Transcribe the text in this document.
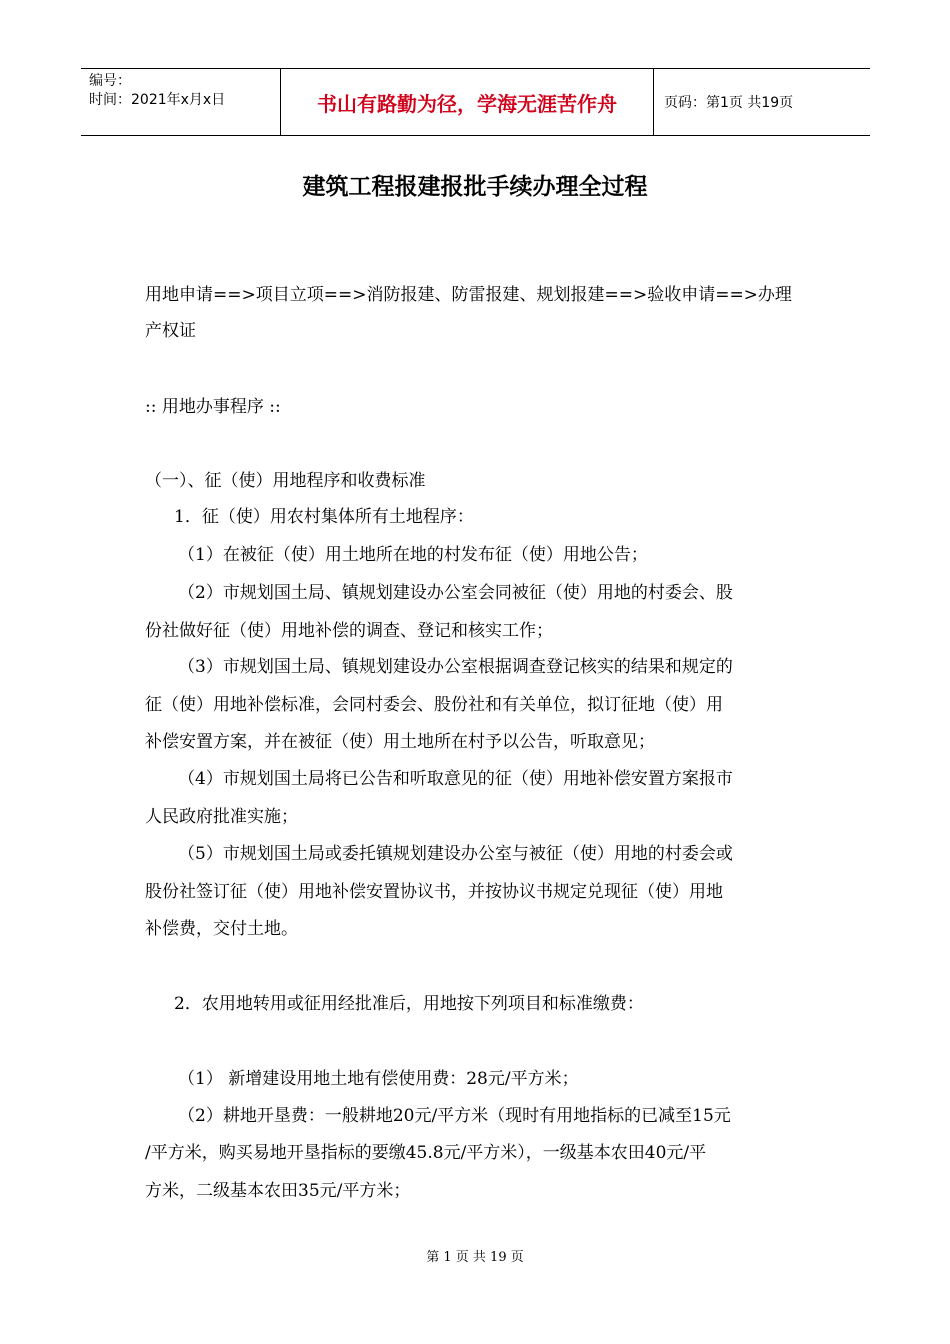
编号：
时间：2021年x月x日	书山有路勤为径，学海无涯苦作舟	页码：第1页 共19页
建筑工程报建报批手续办理全过程
用地申请==>项目立项==>消防报建、防雷报建、规划报建==>验收申请==>办理
产权证
:: 用地办事程序 ::
（一）、征（使）用地程序和收费标准
1．征（使）用农村集体所有土地程序：
（1）在被征（使）用土地所在地的村发布征（使）用地公告；
（2）市规划国土局、镇规划建设办公室会同被征（使）用地的村委会、股
份社做好征（使）用地补偿的调查、登记和核实工作；
（3）市规划国土局、镇规划建设办公室根据调查登记核实的结果和规定的
征（使）用地补偿标准，会同村委会、股份社和有关单位，拟订征地（使）用
补偿安置方案，并在被征（使）用土地所在村予以公告，听取意见；
（4）市规划国土局将已公告和听取意见的征（使）用地补偿安置方案报市
人民政府批准实施；
（5）市规划国土局或委托镇规划建设办公室与被征（使）用地的村委会或
股份社签订征（使）用地补偿安置协议书，并按协议书规定兑现征（使）用地
补偿费，交付土地。
2．农用地转用或征用经批准后，用地按下列项目和标准缴费：
（1） 新增建设用地土地有偿使用费：28元/平方米；
（2）耕地开垦费：一般耕地20元/平方米（现时有用地指标的已减至15元
/平方米，购买易地开垦指标的要缴45.8元/平方米），一级基本农田40元/平
方米，二级基本农田35元/平方米；
第 1 页 共 19 页
